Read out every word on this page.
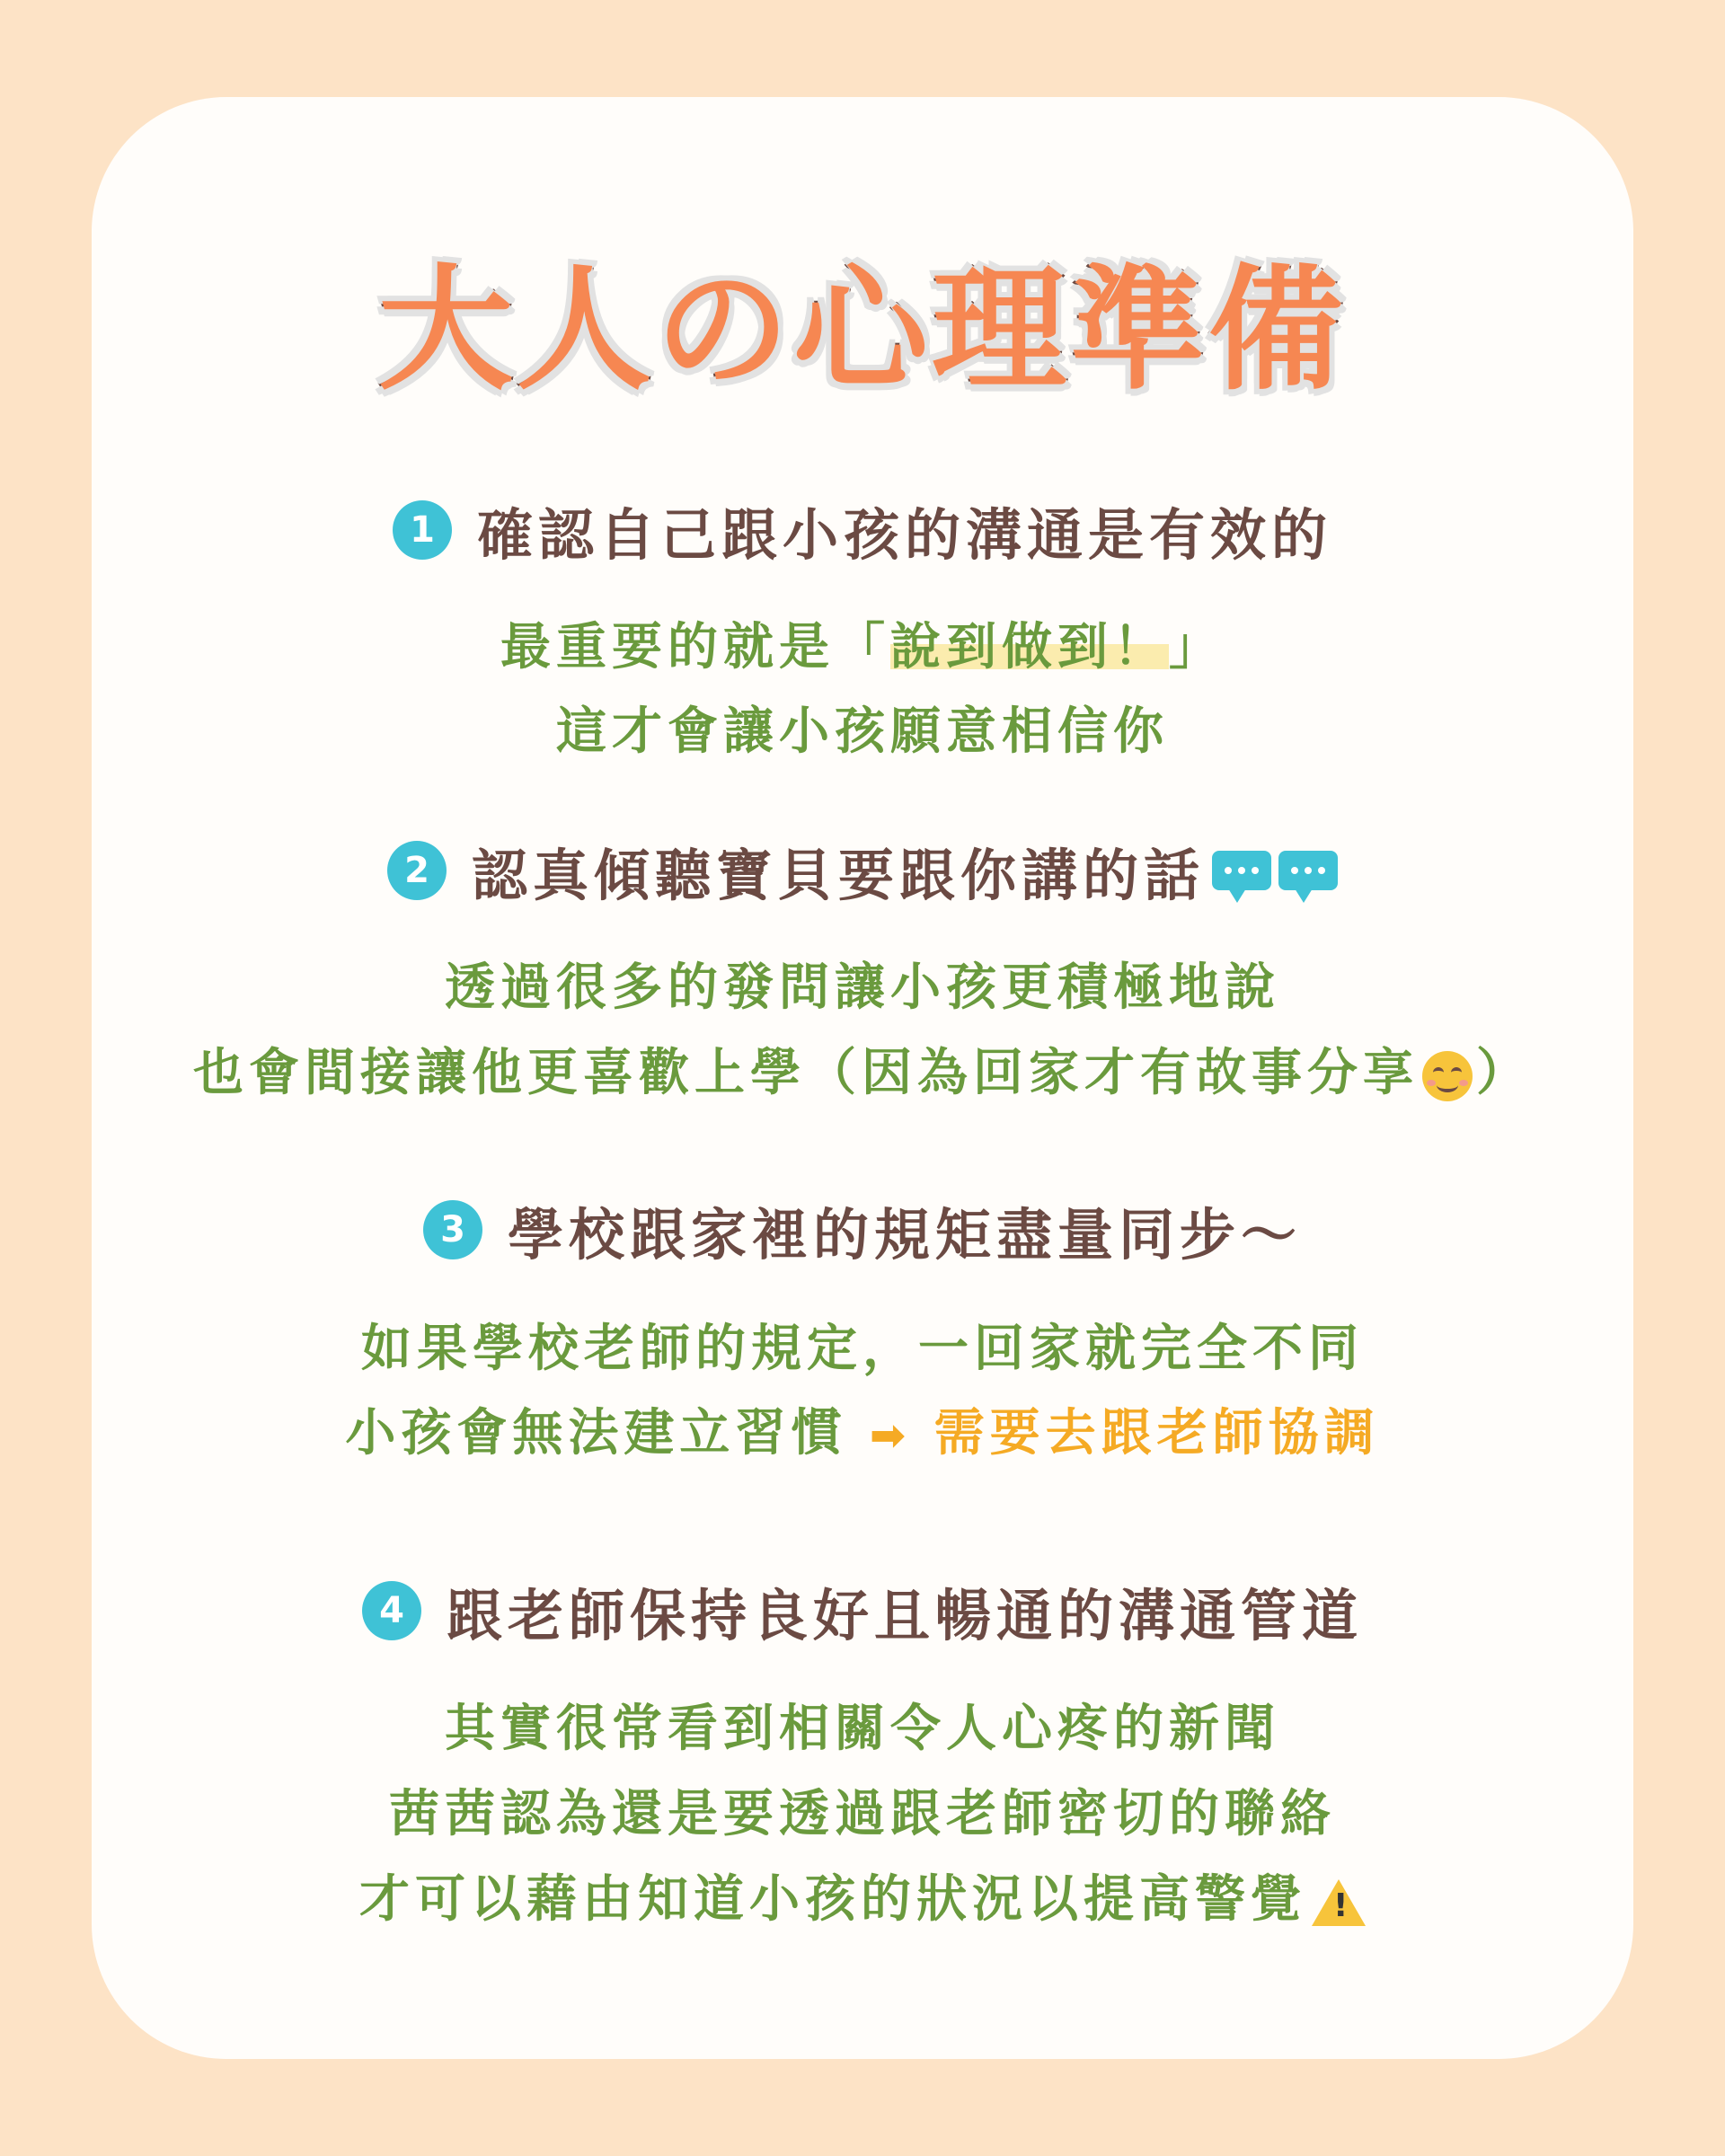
大人の心理準備
1 確認自己跟小孩的溝通是有效的
最重要的就是「說到做到！」
這才會讓小孩願意相信你
2 認真傾聽寶貝要跟你講的話
透過很多的發問讓小孩更積極地說
也會間接讓他更喜歡上學（因為回家才有故事分享 ）
3 學校跟家裡的規矩盡量同步～
如果學校老師的規定，一回家就完全不同
小孩會無法建立習慣 ➡ 需要去跟老師協調
4 跟老師保持良好且暢通的溝通管道
其實很常看到相關令人心疼的新聞
茜茜認為還是要透過跟老師密切的聯絡
才可以藉由知道小孩的狀況以提高警覺 !
